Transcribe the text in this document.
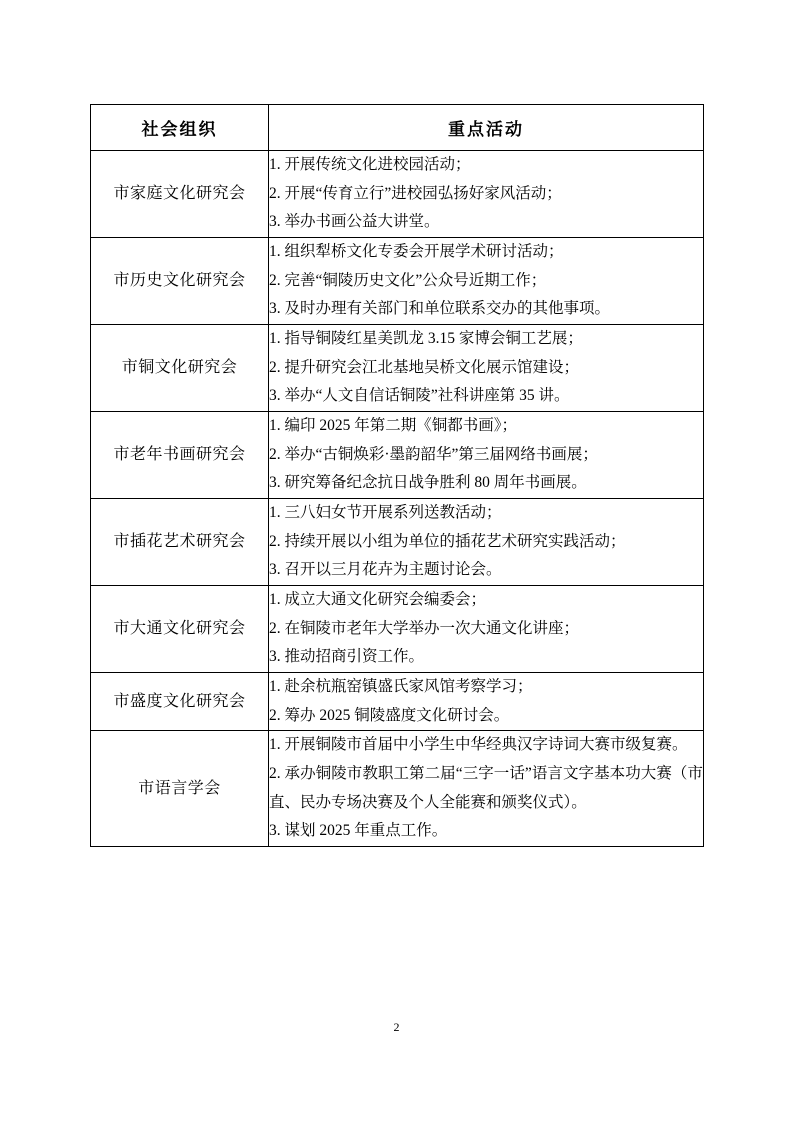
社会组织	重点活动
市家庭文化研究会	1. 开展传统文化进校园活动；
2. 开展“传育立行”进校园弘扬好家风活动；
3. 举办书画公益大讲堂。

市历史文化研究会	1. 组织犁桥文化专委会开展学术研讨活动；
2. 完善“铜陵历史文化”公众号近期工作；
3. 及时办理有关部门和单位联系交办的其他事项。

市铜文化研究会	1. 指导铜陵红星美凯龙 3.15 家博会铜工艺展；
2. 提升研究会江北基地吴桥文化展示馆建设；
3. 举办“人文自信话铜陵”社科讲座第 35 讲。

市老年书画研究会	1. 编印 2025 年第二期《铜都书画》；
2. 举办“古铜焕彩·墨韵韶华”第三届网络书画展；
3. 研究筹备纪念抗日战争胜利 80 周年书画展。

市插花艺术研究会	1. 三八妇女节开展系列送教活动；
2. 持续开展以小组为单位的插花艺术研究实践活动；
3. 召开以三月花卉为主题讨论会。

市大通文化研究会	1. 成立大通文化研究会编委会；
2. 在铜陵市老年大学举办一次大通文化讲座；
3. 推动招商引资工作。

市盛度文化研究会	1. 赴余杭瓶窑镇盛氏家风馆考察学习；
2. 筹办 2025 铜陵盛度文化研讨会。

市语言学会	1. 开展铜陵市首届中小学生中华经典汉字诗词大赛市级复赛。
2. 承办铜陵市教职工第二届“三字一话”语言文字基本功大赛（市直、民办专场决赛及个人全能赛和颁奖仪式）。
3. 谋划 2025 年重点工作。
2
